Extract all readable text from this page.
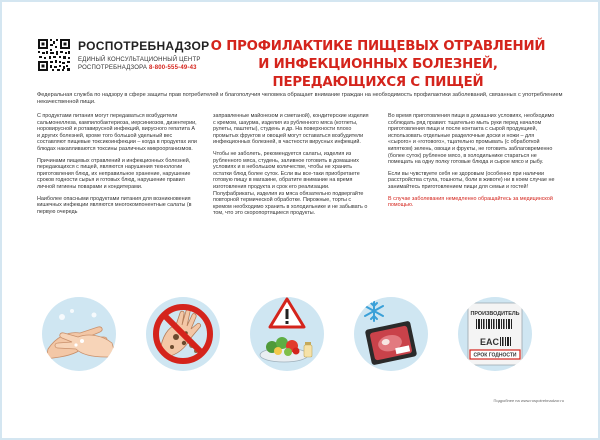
РОСПОТРЕБНАДЗОР
ЕДИНЫЙ КОНСУЛЬТАЦИОННЫЙ ЦЕНТР
РОСПОТРЕБНАДЗОРА 8-800-555-49-43
О ПРОФИЛАКТИКЕ ПИЩЕВЫХ ОТРАВЛЕНИЙ
И ИНФЕКЦИОННЫХ БОЛЕЗНЕЙ, ПЕРЕДАЮЩИХСЯ С ПИЩЕЙ
Федеральная служба по надзору в сфере защиты прав потребителей и благополучия человека обращает внимание граждан на необходимость профилактики заболеваний, связанных с употреблением некачественной пищи.

С продуктами питания могут передаваться возбудители сальмонеллеза, кампилобактериоза, иерсиниозов, дизентерии, норовирусной и ротавирусной инфекций, вирусного гепатита А и других болезней, кроме того большой удельный вес составляют пищевые токсикоинфекции – когда в продуктах или блюдах накапливаются токсины различных микроорганизмов.

Причинами пищевых отравлений и инфекционных болезней, передающихся с пищей, являются нарушения технологии приготовления блюд, их неправильное хранение, нарушение сроков годности сырья и готовых блюд, нарушение правил личной гигиены поварами и кондитерами.

Наиболее опасными продуктами питания для возникновения кишечных инфекции являются многокомпонентные салаты (в первую очередь

заправленные майонезом и сметаной), кондитерские изделия с кремом, шаурма, изделия из рубленного мяса (котлеты, рулеты, паштеты), студень и др. На поверхности плохо промытых фруктов и овощей могут оставаться возбудители инфекционных болезней, в частности вирусных инфекций.

Чтобы не заболеть, рекомендуется салаты, изделия из рубленного мяса, студень, заливное готовить в домашних условиях и в небольшом количестве, чтобы не хранить остатки блюд более суток. Если вы все-таки приобретаете готовую пищу в магазине, обратите внимание на время изготовления продукта и срок его реализации. Полуфабрикаты, изделия из мяса обязательно подвергайте повторной термической обработке. Пирожные, торты с кремом необходимо хранить в холодильнике и не забывать о том, что это скоропортящиеся продукты.

Во время приготовления пищи в домашних условиях, необходимо соблюдать ряд правил: тщательно мыть руки перед началом приготовления пищи и после контакта с сырой продукцией, использовать отдельные разделочные доски и ножи – для «сырого» и «готового», тщательно промывать (с обработкой кипятком) зелень, овощи и фрукты, не готовить заблаговременно (более суток) рубленое мясо, в холодильнике стараться не помещать на одну полку готовые блюда и сырое мясо и рыбу.

Если вы чувствуете себя не здоровым (особенно при наличии расстройства стула, тошноты, боли в животе) ни в коем случае не занимайтесь приготовлением пищи для семьи и гостей!

В случае заболевания немедленно обращайтесь за медицинской помощью.

ПРОИЗВОДИТЕЛЬ
EAC
СРОК ГОДНОСТИ
Подробнее на www.rospotrebnadzor.ru
